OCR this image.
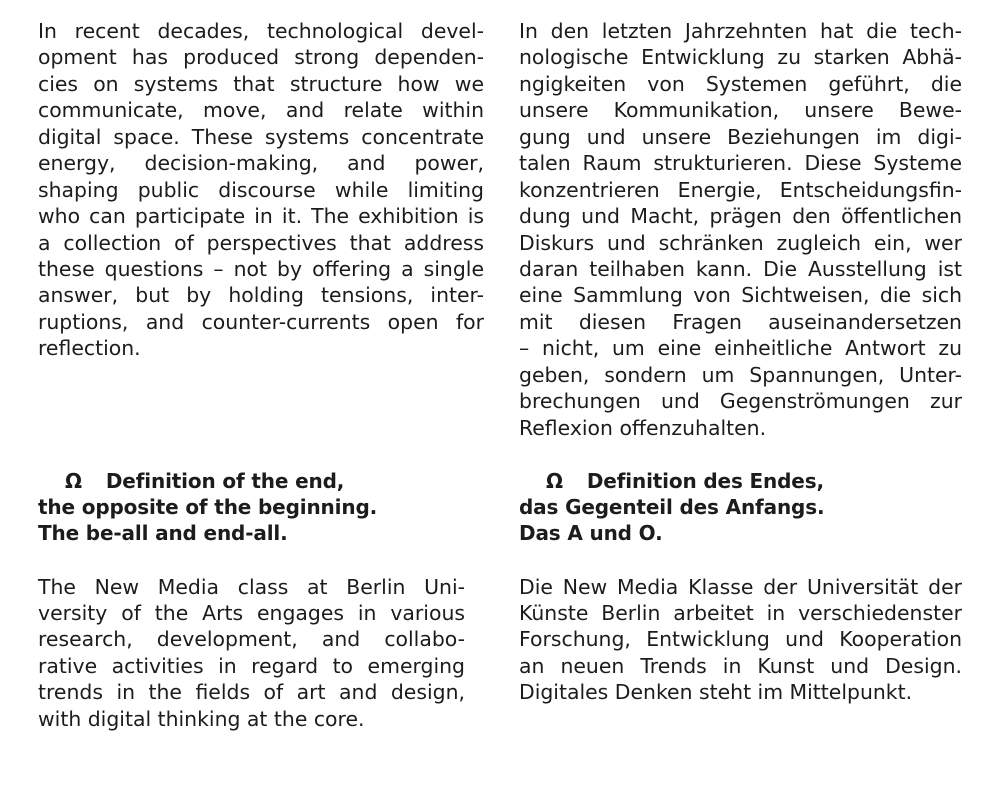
In recent decades, technological devel-
opment has produced strong dependen-
cies on systems that structure how we
communicate, move, and relate within
digital space. These systems concentrate
energy, decision-making, and power,
shaping public discourse while limiting
who can participate in it. The exhibition is
a collection of perspectives that address
these questions – not by offering a single
answer, but by holding tensions, inter-
ruptions, and counter-currents open for
reflection.
Ω Definition of the end,
the opposite of the beginning.
The be-all and end-all.
The New Media class at Berlin Uni-
versity of the Arts engages in various
research, development, and collabo-
rative activities in regard to emerging
trends in the fields of art and design,
with digital thinking at the core.
In den letzten Jahrzehnten hat die tech-
nologische Entwicklung zu starken Abhä-
ngigkeiten von Systemen geführt, die
unsere Kommunikation, unsere Bewe-
gung und unsere Beziehungen im digi-
talen Raum strukturieren. Diese Systeme
konzentrieren Energie, Entscheidungsfin-
dung und Macht, prägen den öffentlichen
Diskurs und schränken zugleich ein, wer
daran teilhaben kann. Die Ausstellung ist
eine Sammlung von Sichtweisen, die sich
mit diesen Fragen auseinandersetzen
– nicht, um eine einheitliche Antwort zu
geben, sondern um Spannungen, Unter-
brechungen und Gegenströmungen zur
Reflexion offenzuhalten.
Ω Definition des Endes,
das Gegenteil des Anfangs.
Das A und O.
Die New Media Klasse der Universität der
Künste Berlin arbeitet in verschiedenster
Forschung, Entwicklung und Kooperation
an neuen Trends in Kunst und Design.
Digitales Denken steht im Mittelpunkt.
